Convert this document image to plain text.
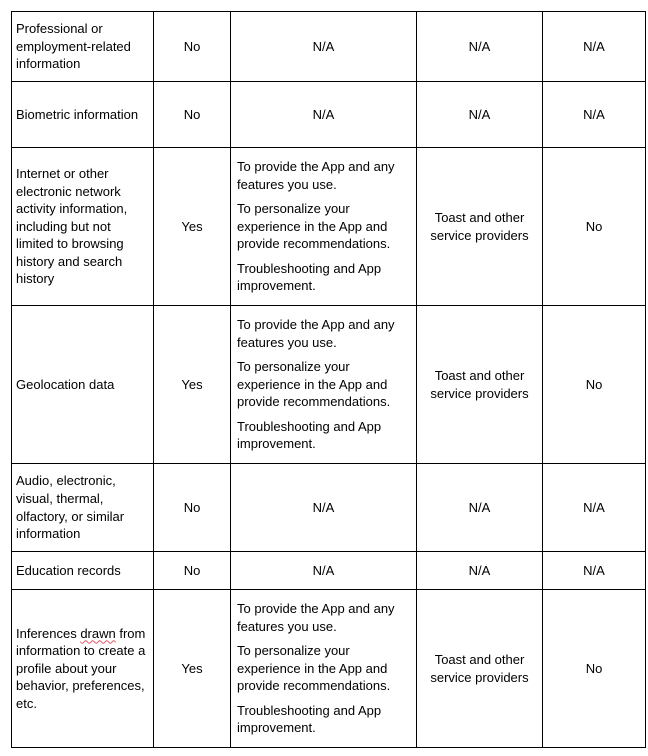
Professional or employment-related information	No	N/A	N/A	N/A
Biometric information	No	N/A	N/A	N/A
Internet or other electronic network activity information, including but not limited to browsing history and search history	Yes	To provide the App and any features you use.

To personalize your experience in the App and provide recommendations.

Troubleshooting and App improvement.	Toast and other service providers	No
Geolocation data	Yes	To provide the App and any features you use.

To personalize your experience in the App and provide recommendations.

Troubleshooting and App improvement.	Toast and other service providers	No
Audio, electronic, visual, thermal, olfactory, or similar information	No	N/A	N/A	N/A
Education records	No	N/A	N/A	N/A
Inferences drawn from information to create a profile about your behavior, preferences, etc.	Yes	To provide the App and any features you use.

To personalize your experience in the App and provide recommendations.

Troubleshooting and App improvement.	Toast and other service providers	No
